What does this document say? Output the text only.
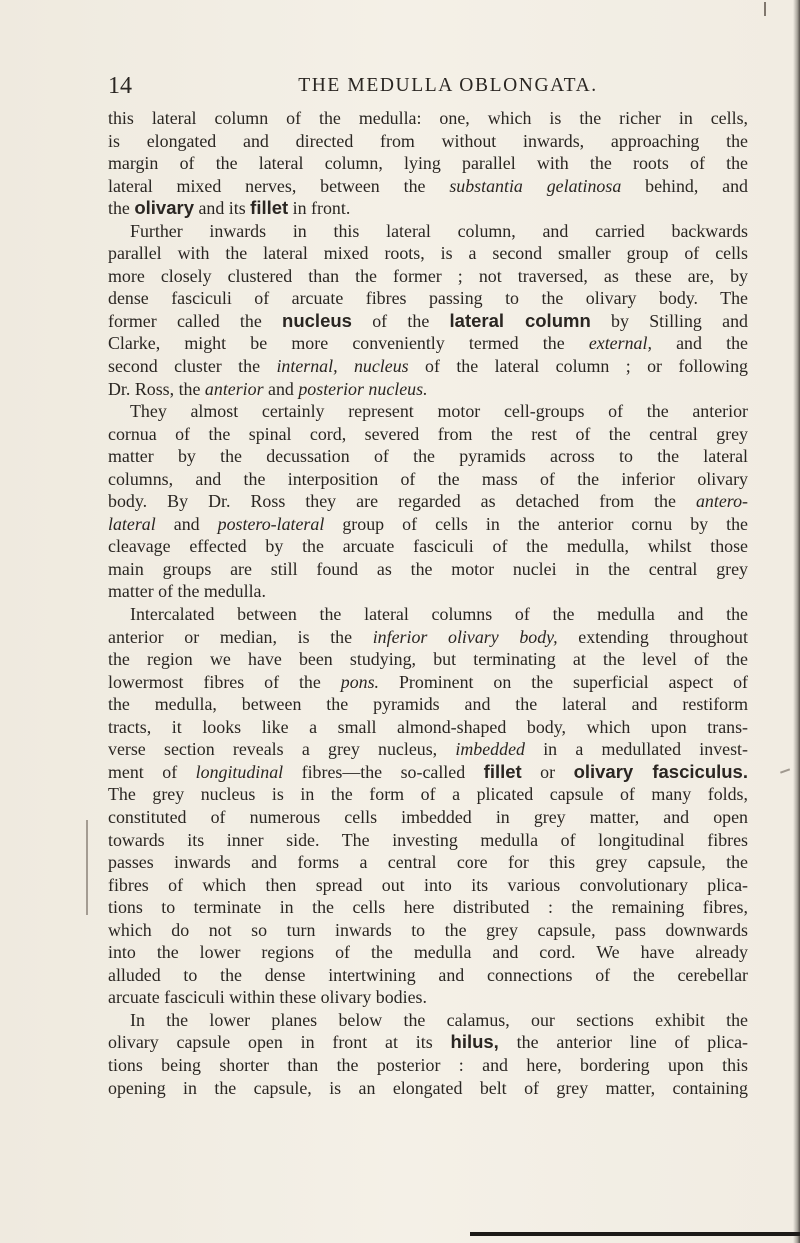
14	THE MEDULLA OBLONGATA.
this lateral column of the medulla: one, which is the richer in cells,
is elongated and directed from without inwards, approaching the
margin of the lateral column, lying parallel with the roots of the
lateral mixed nerves, between the substantia gelatinosa behind, and
the olivary and its fillet in front.
Further inwards in this lateral column, and carried backwards
parallel with the lateral mixed roots, is a second smaller group of cells
more closely clustered than the former ; not traversed, as these are, by
dense fasciculi of arcuate fibres passing to the olivary body. The
former called the nucleus of the lateral column by Stilling and
Clarke, might be more conveniently termed the external, and the
second cluster the internal, nucleus of the lateral column ; or following
Dr. Ross, the anterior and posterior nucleus.
They almost certainly represent motor cell-groups of the anterior
cornua of the spinal cord, severed from the rest of the central grey
matter by the decussation of the pyramids across to the lateral
columns, and the interposition of the mass of the inferior olivary
body. By Dr. Ross they are regarded as detached from the antero-
lateral and postero-lateral group of cells in the anterior cornu by the
cleavage effected by the arcuate fasciculi of the medulla, whilst those
main groups are still found as the motor nuclei in the central grey
matter of the medulla.
Intercalated between the lateral columns of the medulla and the
anterior or median, is the inferior olivary body, extending throughout
the region we have been studying, but terminating at the level of the
lowermost fibres of the pons. Prominent on the superficial aspect of
the medulla, between the pyramids and the lateral and restiform
tracts, it looks like a small almond-shaped body, which upon trans-
verse section reveals a grey nucleus, imbedded in a medullated invest-
ment of longitudinal fibres—the so-called fillet or olivary fasciculus.
The grey nucleus is in the form of a plicated capsule of many folds,
constituted of numerous cells imbedded in grey matter, and open
towards its inner side. The investing medulla of longitudinal fibres
passes inwards and forms a central core for this grey capsule, the
fibres of which then spread out into its various convolutionary plica-
tions to terminate in the cells here distributed : the remaining fibres,
which do not so turn inwards to the grey capsule, pass downwards
into the lower regions of the medulla and cord. We have already
alluded to the dense intertwining and connections of the cerebellar
arcuate fasciculi within these olivary bodies.
In the lower planes below the calamus, our sections exhibit the
olivary capsule open in front at its hilus, the anterior line of plica-
tions being shorter than the posterior : and here, bordering upon this
opening in the capsule, is an elongated belt of grey matter, containing
